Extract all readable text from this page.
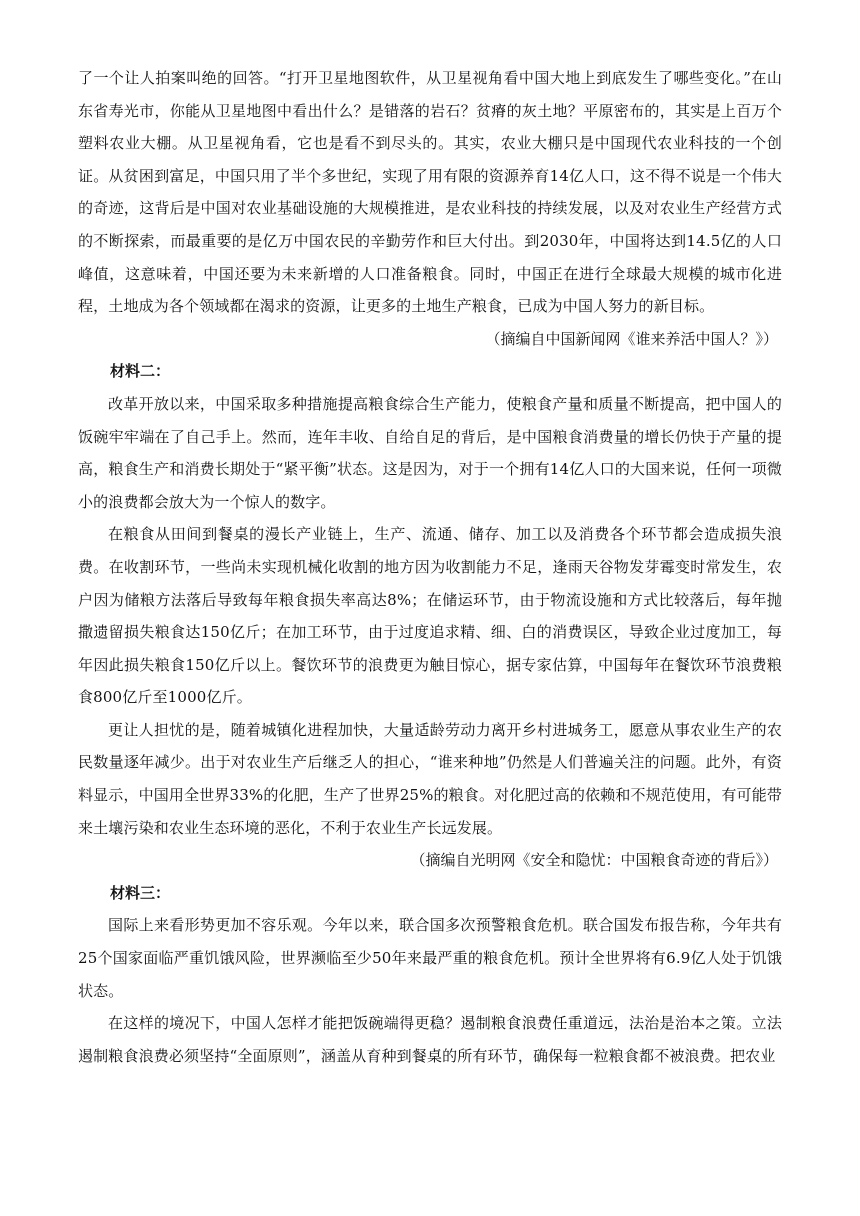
了一个让人拍案叫绝的回答。“打开卫星地图软件，从卫星视角看中国大地上到底发生了哪些变化。”在山东省寿光市，你能从卫星地图中看出什么？是错落的岩石？贫瘠的灰土地？平原密布的，其实是上百万个塑料农业大棚。从卫星视角看，它也是看不到尽头的。其实，农业大棚只是中国现代农业科技的一个创证。从贫困到富足，中国只用了半个多世纪，实现了用有限的资源养育14亿人口，这不得不说是一个伟大的奇迹，这背后是中国对农业基础设施的大规模推进，是农业科技的持续发展，以及对农业生产经营方式的不断探索，而最重要的是亿万中国农民的辛勤劳作和巨大付出。到2030年，中国将达到14.5亿的人口峰值，这意味着，中国还要为未来新增的人口准备粮食。同时，中国正在进行全球最大规模的城市化进程，土地成为各个领域都在渴求的资源，让更多的土地生产粮食，已成为中国人努力的新目标。

（摘编自中国新闻网《谁来养活中国人？》）

材料二：

改革开放以来，中国采取多种措施提高粮食综合生产能力，使粮食产量和质量不断提高，把中国人的饭碗牢牢端在了自己手上。然而，连年丰收、自给自足的背后，是中国粮食消费量的增长仍快于产量的提高，粮食生产和消费长期处于“紧平衡”状态。这是因为，对于一个拥有14亿人口的大国来说，任何一项微小的浪费都会放大为一个惊人的数字。

在粮食从田间到餐桌的漫长产业链上，生产、流通、储存、加工以及消费各个环节都会造成损失浪费。在收割环节，一些尚未实现机械化收割的地方因为收割能力不足，逢雨天谷物发芽霉变时常发生，农户因为储粮方法落后导致每年粮食损失率高达8%；在储运环节，由于物流设施和方式比较落后，每年抛撒遗留损失粮食达150亿斤；在加工环节，由于过度追求精、细、白的消费误区，导致企业过度加工，每年因此损失粮食150亿斤以上。餐饮环节的浪费更为触目惊心，据专家估算，中国每年在餐饮环节浪费粮食800亿斤至1000亿斤。

更让人担忧的是，随着城镇化进程加快，大量适龄劳动力离开乡村进城务工，愿意从事农业生产的农民数量逐年减少。出于对农业生产后继乏人的担心，“谁来种地”仍然是人们普遍关注的问题。此外，有资料显示，中国用全世界33%的化肥，生产了世界25%的粮食。对化肥过高的依赖和不规范使用，有可能带来土壤污染和农业生态环境的恶化，不利于农业生产长远发展。

（摘编自光明网《安全和隐忧：中国粮食奇迹的背后》）

材料三：

国际上来看形势更加不容乐观。今年以来，联合国多次预警粮食危机。联合国发布报告称，今年共有25个国家面临严重饥饿风险，世界濒临至少50年来最严重的粮食危机。预计全世界将有6.9亿人处于饥饿状态。

在这样的境况下，中国人怎样才能把饭碗端得更稳？遏制粮食浪费任重道远，法治是治本之策。立法遏制粮食浪费必须坚持“全面原则”，涵盖从育种到餐桌的所有环节，确保每一粒粮食都不被浪费。把农业
